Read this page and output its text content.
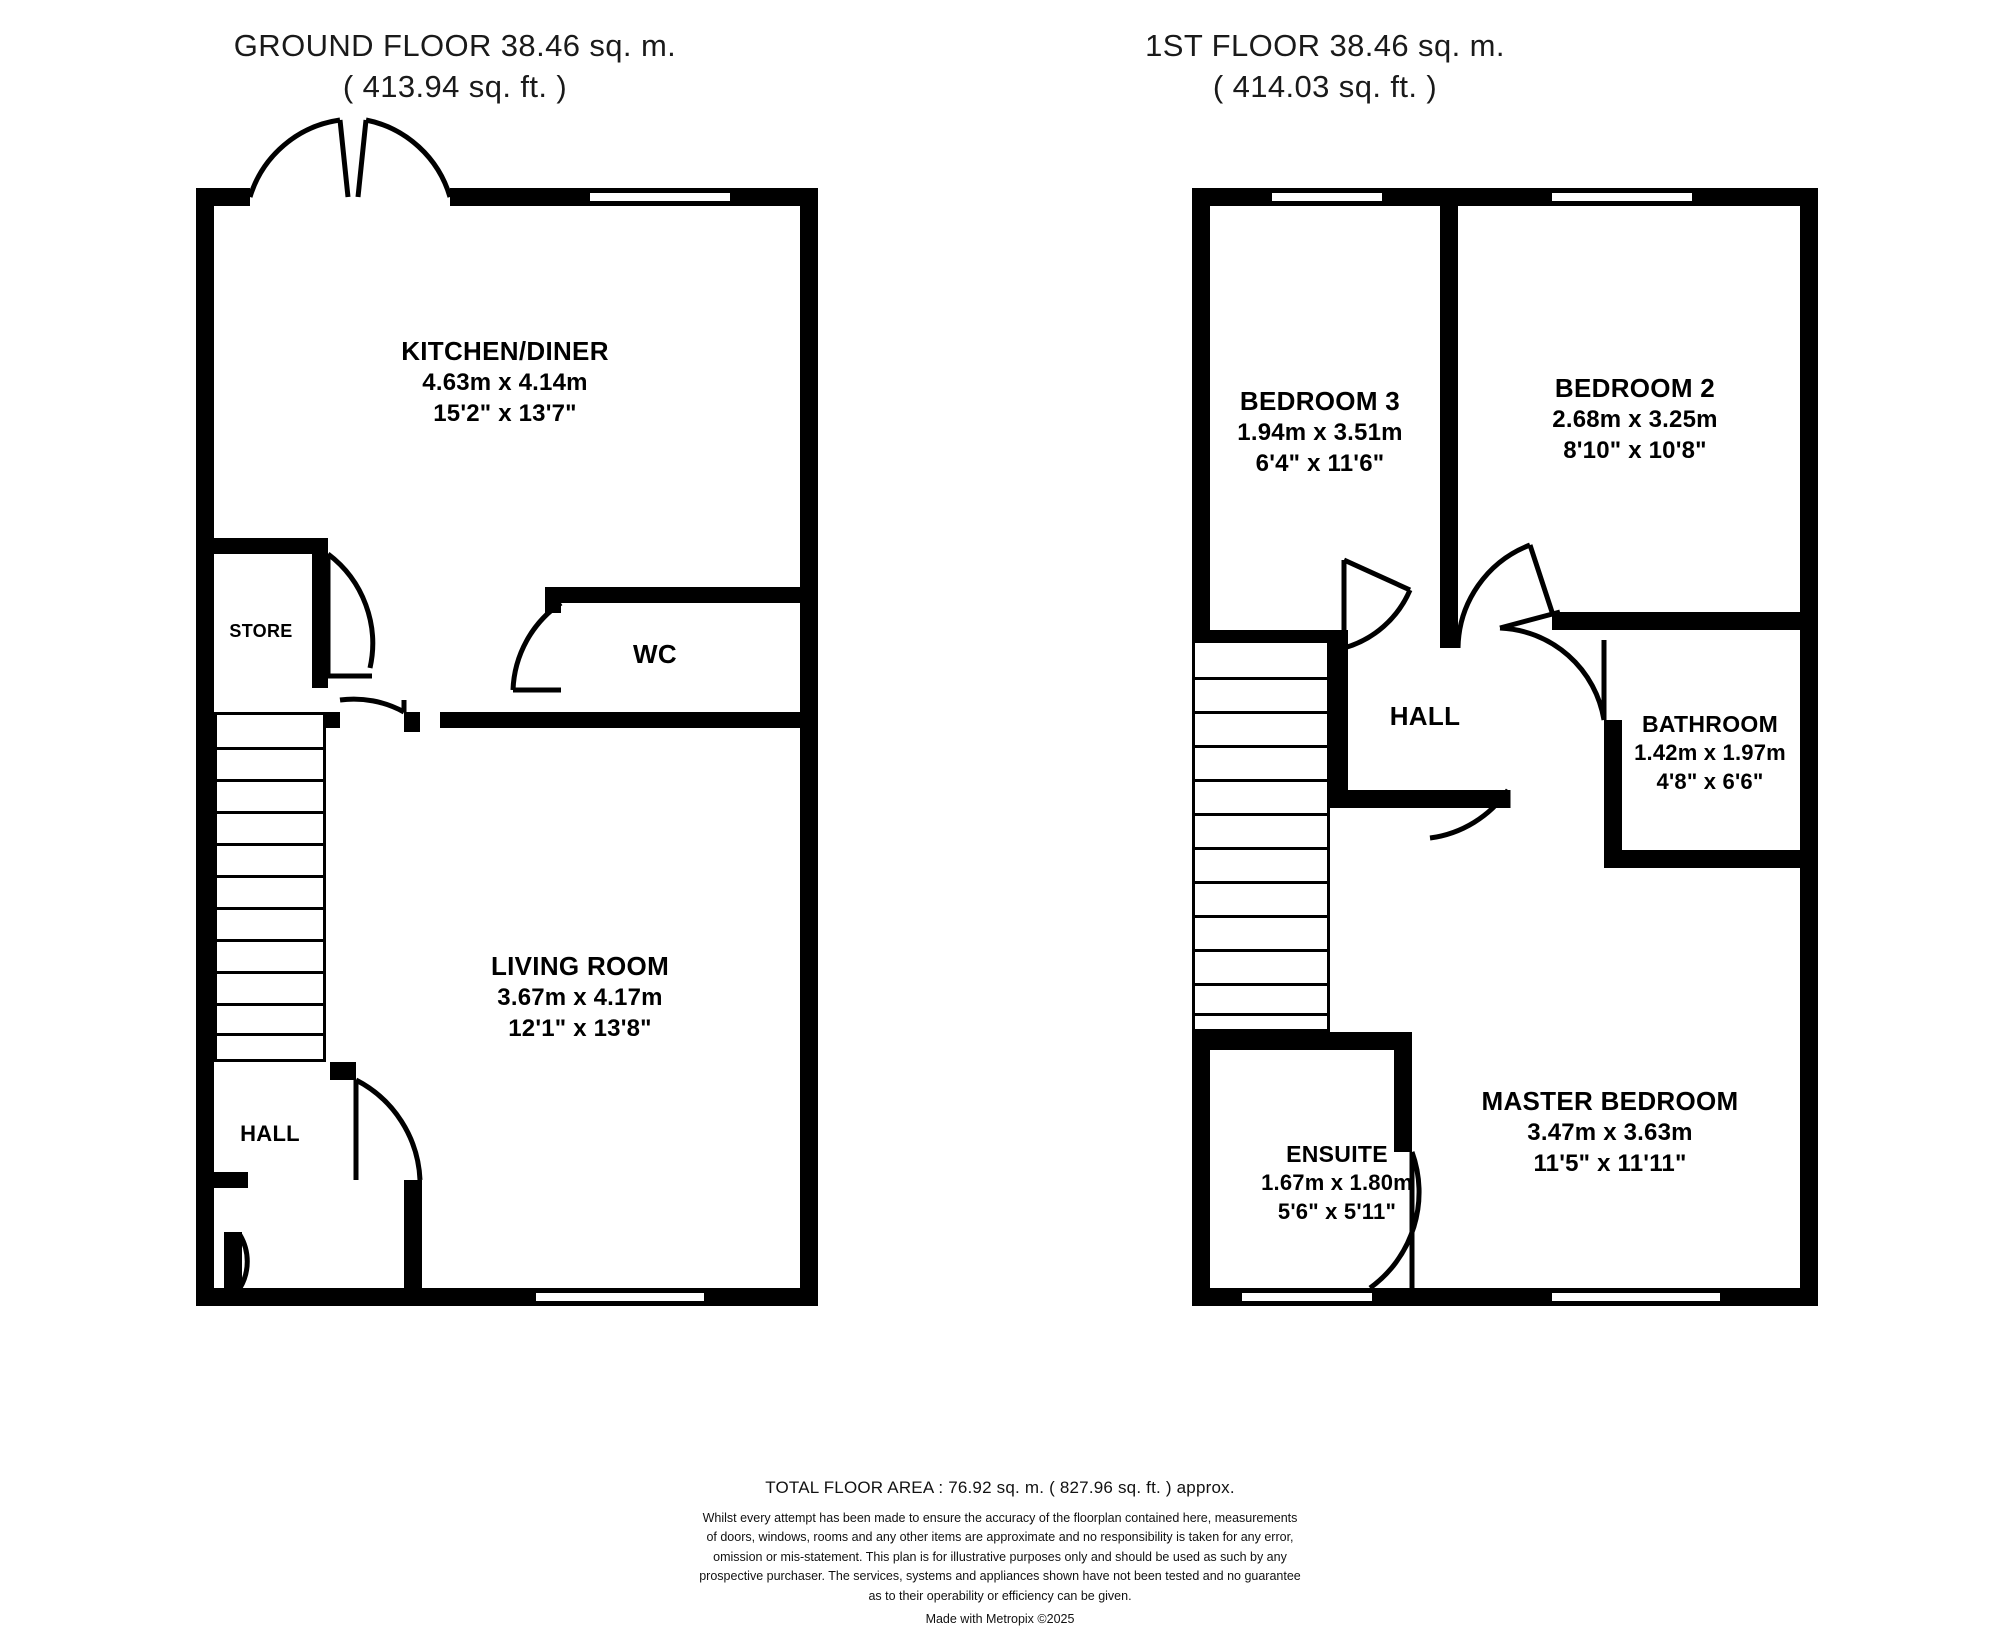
GROUND FLOOR 38.46 sq. m.
( 413.94 sq. ft. )
1ST FLOOR 38.46 sq. m.
( 414.03 sq. ft. )
KITCHEN/DINER
4.63m x 4.14m
15'2" x 13'7"
STORE
WC
LIVING ROOM
3.67m x 4.17m
12'1" x 13'8"
HALL
BEDROOM 3
1.94m x 3.51m
6'4" x 11'6"
BEDROOM 2
2.68m x 3.25m
8'10" x 10'8"
HALL	BATHROOM
1.42m x 1.97m
4'8" x 6'6"
ENSUITE
1.67m x 1.80m
5'6" x 5'11"
MASTER BEDROOM
3.47m x 3.63m
11'5" x 11'11"
TOTAL FLOOR AREA : 76.92 sq. m. ( 827.96 sq. ft. ) approx.
Whilst every attempt has been made to ensure the accuracy of the floorplan contained here, measurements
of doors, windows, rooms and any other items are approximate and no responsibility is taken for any error,
omission or mis-statement. This plan is for illustrative purposes only and should be used as such by any
prospective purchaser. The services, systems and appliances shown have not been tested and no guarantee
as to their operability or efficiency can be given.
Made with Metropix ©2025
